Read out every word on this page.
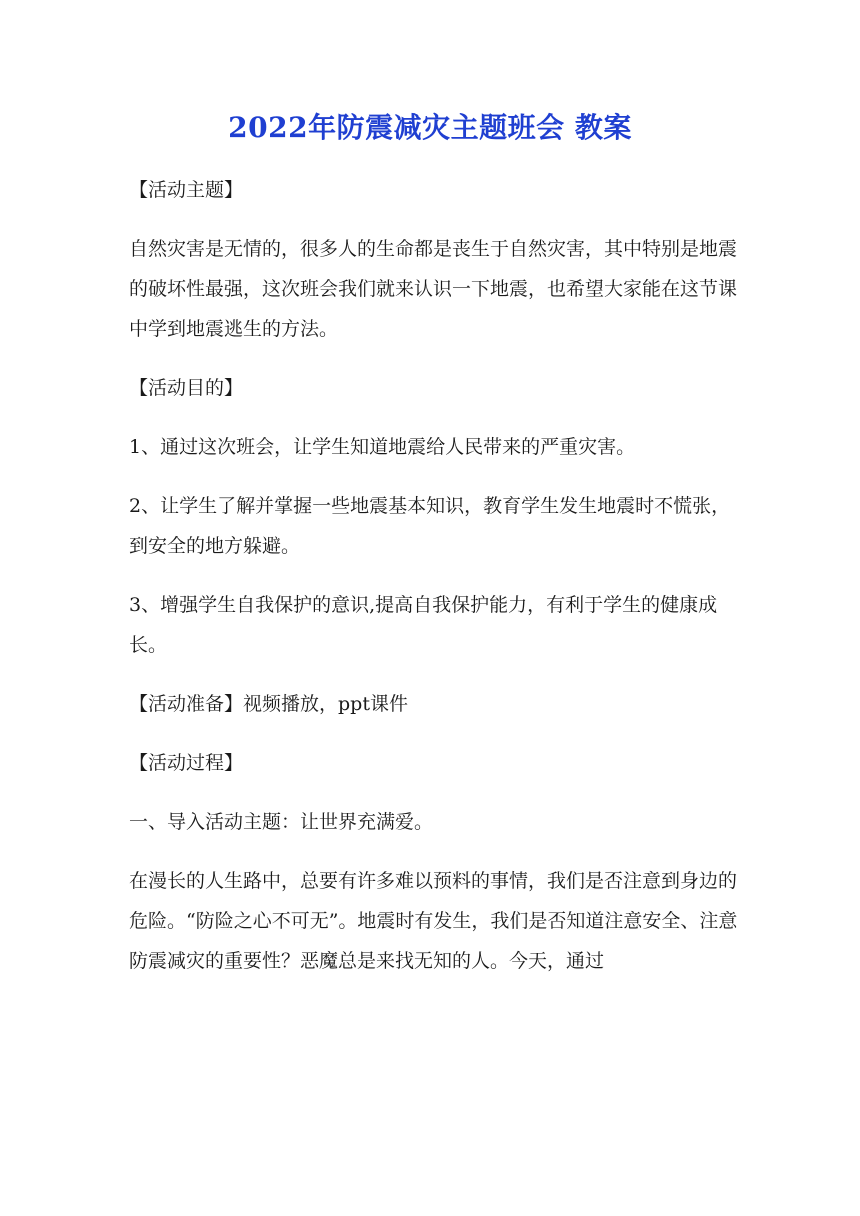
2022年防震减灾主题班会 教案

【活动主题】

自然灾害是无情的，很多人的生命都是丧生于自然灾害，其中特别是地震的破坏性最强，这次班会我们就来认识一下地震，也希望大家能在这节课中学到地震逃生的方法。

【活动目的】

1、通过这次班会，让学生知道地震给人民带来的严重灾害。

2、让学生了解并掌握一些地震基本知识，教育学生发生地震时不慌张，到安全的地方躲避。

3、增强学生自我保护的意识,提高自我保护能力，有利于学生的健康成长。

【活动准备】视频播放，ppt课件

【活动过程】

一、导入活动主题：让世界充满爱。

在漫长的人生路中，总要有许多难以预料的事情，我们是否注意到身边的危险。“防险之心不可无”。地震时有发生，我们是否知道注意安全、注意防震减灾的重要性？恶魔总是来找无知的人。今天，通过
